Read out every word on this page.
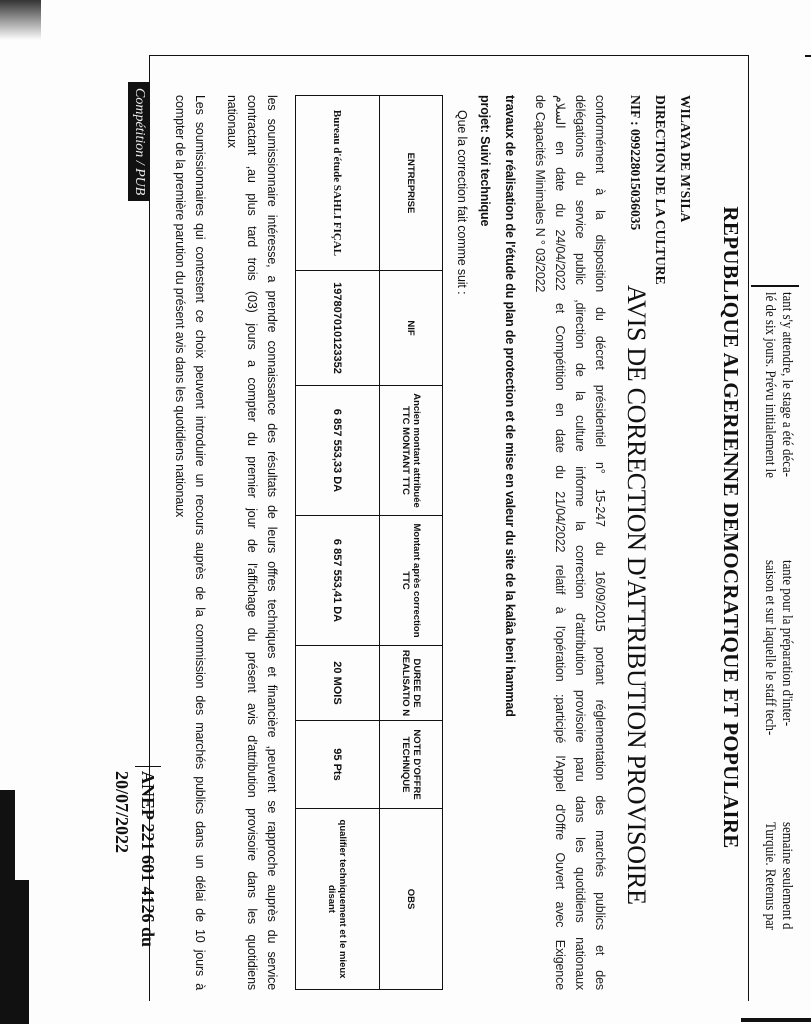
tant s'y attendre, le stage a été déca-
lé de six jours. Prévu initialement le
tante pour la préparation d'inter-
saison et sur laquelle le staff tech-
semaine seulement d
Turquie. Retenus par
REPUBLIQUE ALGERIENNE DEMOCRATIQUE ET POPULAIRE
WILAYA DE M'SILA
DIRECTION DE LA CULTURE
NIF : 099228015036035
AVIS DE CORRECTION D'ATTRIBUTION PROVISOIRE
conformément à la disposition du décret présidentiel n° 15-247 du 16/09/2015 portant réglementation des marchés publics et des
délégations du service public ,direction de la culture informe la correction d'attribution provisoire paru dans les quotidiens nationaux
السلام en date du 24/04/2022 et Compétition en date du 21/04/2022 relatif à l'opération :participé l'Appel d'Offre Ouvert avec Exigence
de Capacités Minimales N ° 03/2022
travaux de réalisation de l'étude du plan de protection et de mise en valeur du site de la kalâa beni hammad
projet: Suivi technique
Que la correction fait comme suit :
ENTREPRISE	NIF	Ancien montant attribuée TTC MONTANT TTC	Montant après correction TTC	DUREE DE REALISATIO N	NOTE D'OFFRE TECHNIQUE	OBS
Bureau d'étude SAHLI FIÇAL	197807010123352	6 857 553,33 DA	6 857 553,41 DA	20 MOIS	95 Pts	qualifier techniquement et le mieux disant
les soumissionnaire intéresse, a prendre connaissance des résultats de leurs offres techniques et financière ,peuvent se rapproche auprès du service
contractant ,au plus tard trois (03) jours a compter du premier jour de l'affichage du présent avis d'attribution provisoire dans les quotidiens
nationaux
Les soumissionnaires qui contestent ce choix peuvent introduire un recours auprès de la commission des marchés publics dans un délai de 10 jours à
compter de la première parution du présent avis dans les quotidiens nationaux
Compétition / PUB
ANEP 221 601 4126 du 20/07/2022
